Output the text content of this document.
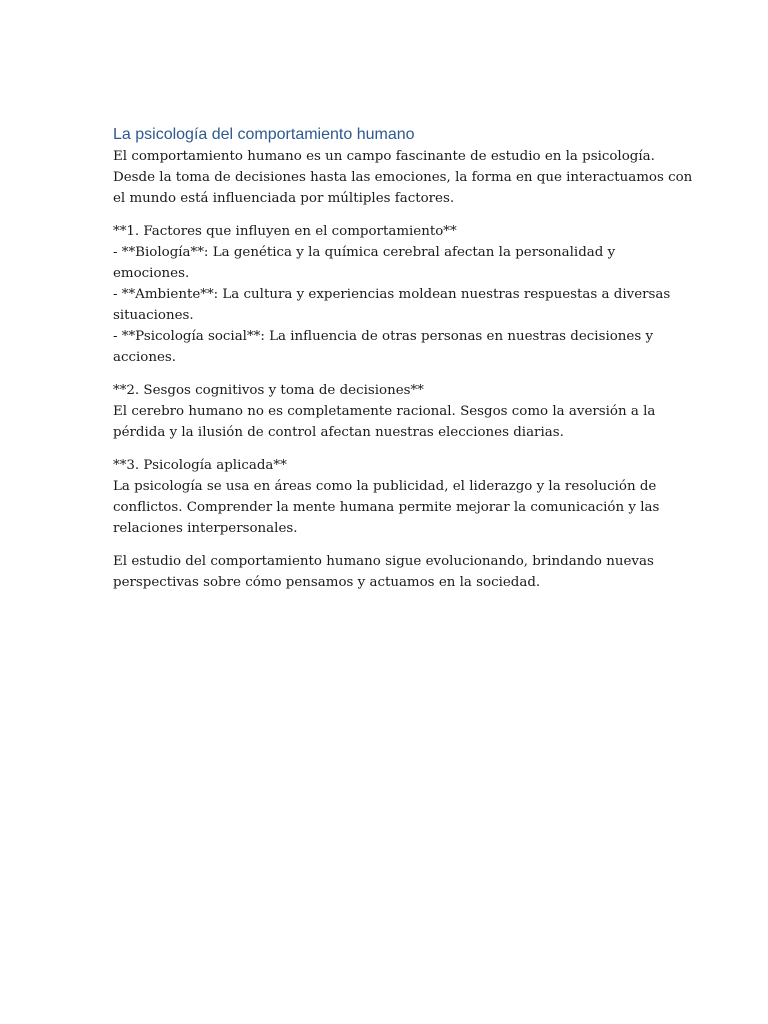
La psicología del comportamiento humano

El comportamiento humano es un campo fascinante de estudio en la psicología.
Desde la toma de decisiones hasta las emociones, la forma en que interactuamos con
el mundo está influenciada por múltiples factores.

**1. Factores que influyen en el comportamiento**
- **Biología**: La genética y la química cerebral afectan la personalidad y
emociones.
- **Ambiente**: La cultura y experiencias moldean nuestras respuestas a diversas
situaciones.
- **Psicología social**: La influencia de otras personas en nuestras decisiones y
acciones.

**2. Sesgos cognitivos y toma de decisiones**
El cerebro humano no es completamente racional. Sesgos como la aversión a la
pérdida y la ilusión de control afectan nuestras elecciones diarias.

**3. Psicología aplicada**
La psicología se usa en áreas como la publicidad, el liderazgo y la resolución de
conflictos. Comprender la mente humana permite mejorar la comunicación y las
relaciones interpersonales.

El estudio del comportamiento humano sigue evolucionando, brindando nuevas
perspectivas sobre cómo pensamos y actuamos en la sociedad.
